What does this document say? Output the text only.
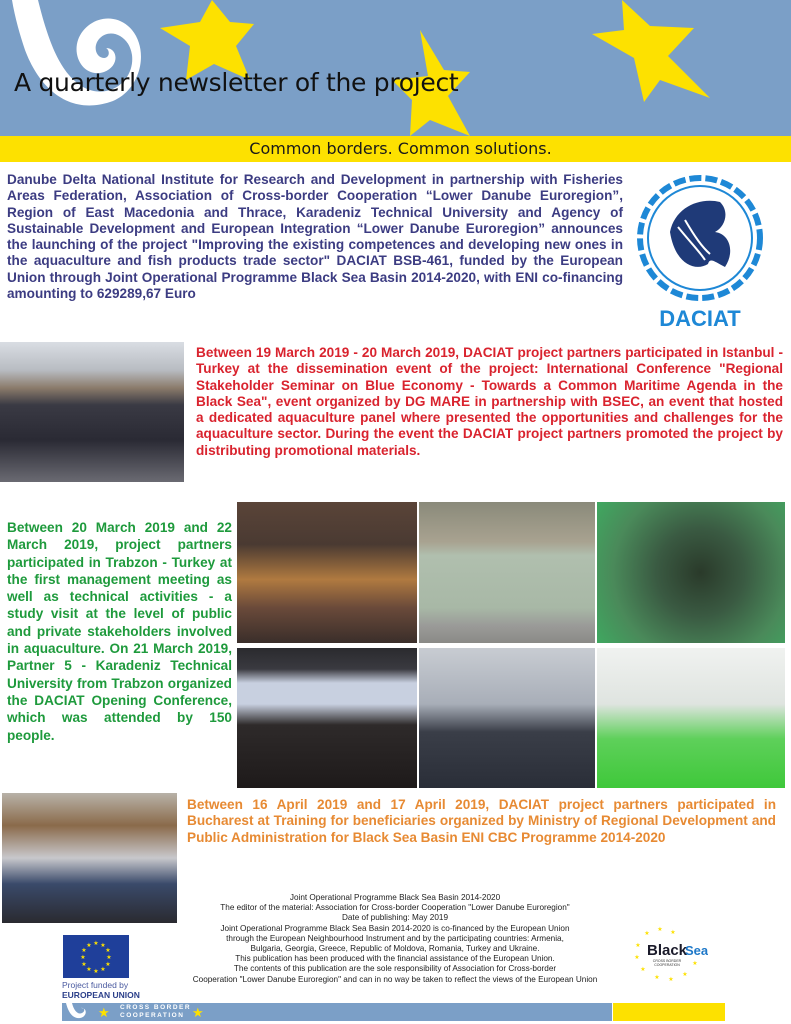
A quarterly newsletter of the project
Common borders. Common solutions.
Danube Delta National Institute for Research and Development in partnership with Fisheries Areas Federation, Association of Cross-border Cooperation “Lower Danube Euroregion”, Region of East Macedonia and Thrace, Karadeniz Technical University and Agency of Sustainable Development and European Integration “Lower Danube Euroregion” announces the launching of the project "Improving the existing competences and developing new ones in the aquaculture and fish products trade sector" DACIAT BSB-461, funded by the European Union through Joint Operational Programme Black Sea Basin 2014-2020, with ENI co-financing amounting to 629289,67 Euro
DACIAT
Between 19 March 2019 - 20 March 2019, DACIAT project partners participated in Istanbul - Turkey at the dissemination event of the project: International Conference "Regional Stakeholder Seminar on Blue Economy - Towards a Common Maritime Agenda in the Black Sea", event organized by DG MARE in partnership with BSEC, an event that hosted a dedicated aquaculture panel where presented the opportunities and challenges for the aquaculture sector. During the event the DACIAT project partners promoted the project by distributing promotional materials.
Between 20 March 2019 and 22 March 2019, project partners participated in Trabzon - Turkey at the first management meeting as well as technical activities - a study visit at the level of public and private stakeholders involved in aquaculture. On 21 March 2019, Partner 5 - Karadeniz Technical University from Trabzon organized the DACIAT Opening Conference, which was attended by 150 people.
Between 16 April 2019 and 17 April 2019, DACIAT project partners participated in Bucharest at Training for beneficiaries organized by Ministry of Regional Development and Public Administration for Black Sea Basin ENI CBC Programme 2014-2020
Joint Operational Programme Black Sea Basin 2014-2020
The editor of the material: Association for Cross-border Cooperation "Lower Danube Euroregion"
Date of publishing: May 2019
Joint Operational Programme Black Sea Basin 2014-2020 is co-financed by the European Union
through the European Neighbourhood Instrument and by the participating countries: Armenia,
Bulgaria, Georgia, Greece, Republic of Moldova, Romania, Turkey and Ukraine.
This publication has been produced with the financial assistance of the European Union.
The contents of this publication are the sole responsibility of Association for Cross-border
Cooperation "Lower Danube Euroregion" and can in no way be taken to reflect the views of the European Union
★ ★
★
★
★
★
★
★
★
★
★
★
Project funded by
EUROPEAN UNION
★
★ ★
★
★
★
★ ★
★
★
Black
Sea
CROSS BORDER
COOPERATION
★	★
CROSS BORDER
COOPERATION
